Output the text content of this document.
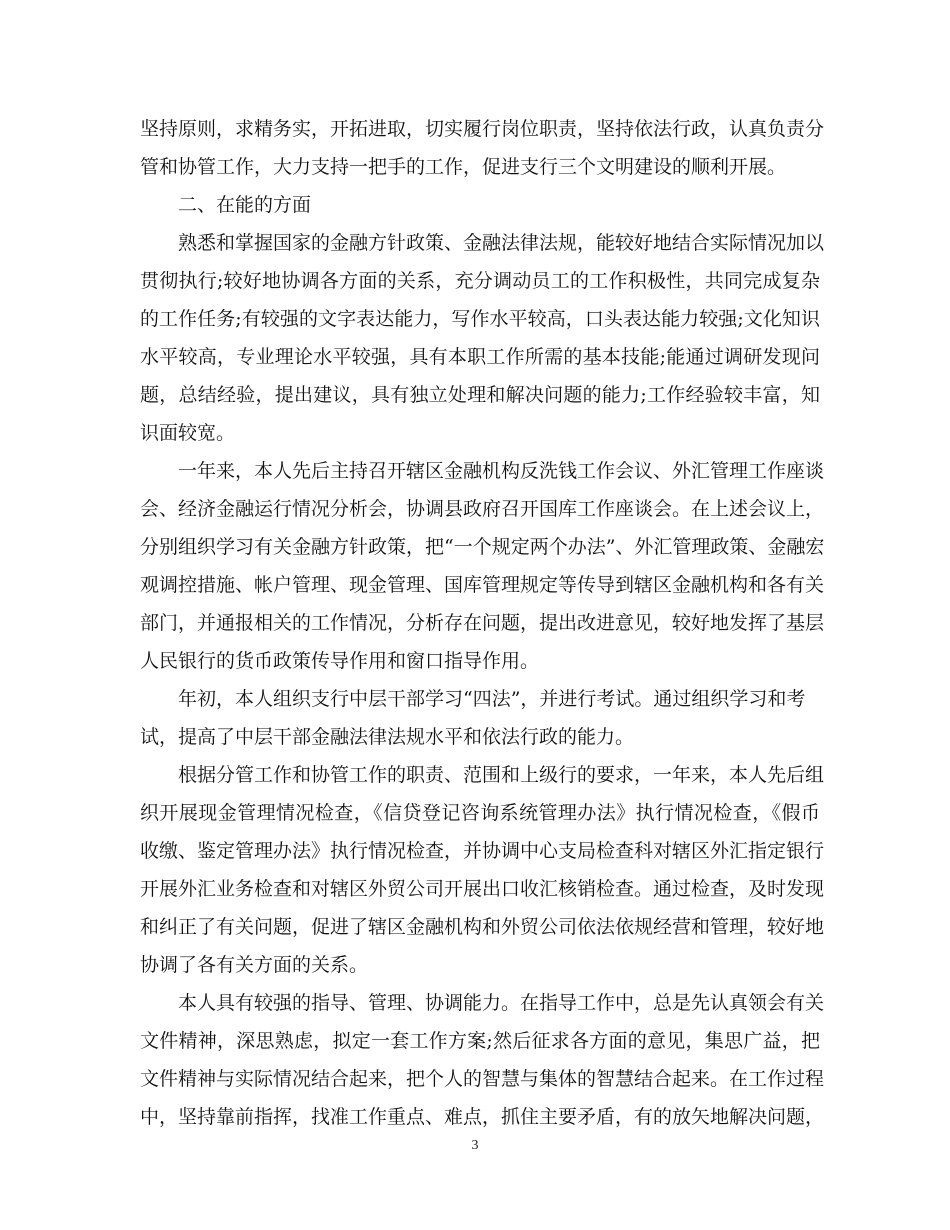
坚持原则，求精务实，开拓进取，切实履行岗位职责，坚持依法行政，认真负责分
管和协管工作，大力支持一把手的工作，促进支行三个文明建设的顺利开展。
二、在能的方面
熟悉和掌握国家的金融方针政策、金融法律法规，能较好地结合实际情况加以
贯彻执行;较好地协调各方面的关系，充分调动员工的工作积极性，共同完成复杂
的工作任务;有较强的文字表达能力，写作水平较高，口头表达能力较强;文化知识
水平较高，专业理论水平较强，具有本职工作所需的基本技能;能通过调研发现问
题，总结经验，提出建议，具有独立处理和解决问题的能力;工作经验较丰富，知
识面较宽。
一年来，本人先后主持召开辖区金融机构反洗钱工作会议、外汇管理工作座谈
会、经济金融运行情况分析会，协调县政府召开国库工作座谈会。在上述会议上，
分别组织学习有关金融方针政策，把“一个规定两个办法”、外汇管理政策、金融宏
观调控措施、帐户管理、现金管理、国库管理规定等传导到辖区金融机构和各有关
部门，并通报相关的工作情况，分析存在问题，提出改进意见，较好地发挥了基层
人民银行的货币政策传导作用和窗口指导作用。
年初，本人组织支行中层干部学习“四法”，并进行考试。通过组织学习和考
试，提高了中层干部金融法律法规水平和依法行政的能力。
根据分管工作和协管工作的职责、范围和上级行的要求，一年来，本人先后组
织开展现金管理情况检查，《信贷登记咨询系统管理办法》执行情况检查，《假币
收缴、鉴定管理办法》执行情况检查，并协调中心支局检查科对辖区外汇指定银行
开展外汇业务检查和对辖区外贸公司开展出口收汇核销检查。通过检查，及时发现
和纠正了有关问题，促进了辖区金融机构和外贸公司依法依规经营和管理，较好地
协调了各有关方面的关系。
本人具有较强的指导、管理、协调能力。在指导工作中，总是先认真领会有关
文件精神，深思熟虑，拟定一套工作方案;然后征求各方面的意见，集思广益，把
文件精神与实际情况结合起来，把个人的智慧与集体的智慧结合起来。在工作过程
中，坚持靠前指挥，找准工作重点、难点，抓住主要矛盾，有的放矢地解决问题，
3
